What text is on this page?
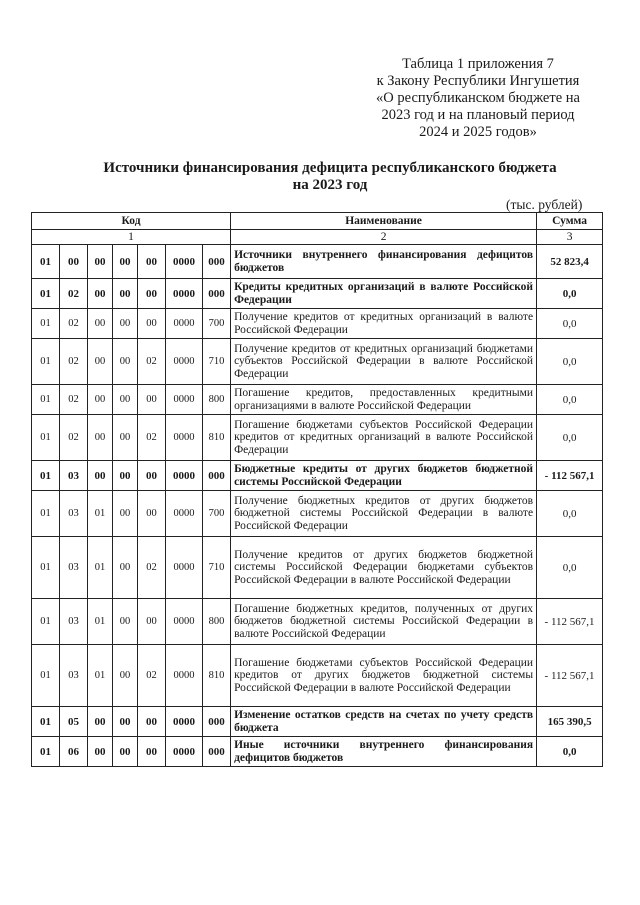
Таблица 1 приложения 7
к Закону Республики Ингушетия
«О республиканском бюджете на
2023 год и на плановый период
2024 и 2025 годов»
Источники финансирования дефицита республиканского бюджета
на 2023 год
(тыс. рублей)
Код							Наименование	Сумма
1							2	3
01	00	00	00	00	0000	000	Источники внутреннего финансирования дефицитов бюджетов	52 823,4
01	02	00	00	00	0000	000	Кредиты кредитных организаций в валюте Российской Федерации	0,0
01	02	00	00	00	0000	700	Получение кредитов от кредитных организаций в валюте Российской Федерации	0,0
01	02	00	00	02	0000	710	Получение кредитов от кредитных организаций бюджетами субъектов Российской Федерации в валюте Российской Федерации	0,0
01	02	00	00	00	0000	800	Погашение кредитов, предоставленных кредитными организациями в валюте Российской Федерации	0,0
01	02	00	00	02	0000	810	Погашение бюджетами субъектов Российской Федерации кредитов от кредитных организаций в валюте Российской Федерации	0,0
01	03	00	00	00	0000	000	Бюджетные кредиты от других бюджетов бюджетной системы Российской Федерации	- 112 567,1
01	03	01	00	00	0000	700	Получение бюджетных кредитов от других бюджетов бюджетной системы Российской Федерации в валюте Российской Федерации	0,0
01	03	01	00	02	0000	710	Получение кредитов от других бюджетов бюджетной системы Российской Федерации бюджетами субъектов Российской Федерации в валюте Российской Федерации	0,0
01	03	01	00	00	0000	800	Погашение бюджетных кредитов, полученных от других бюджетов бюджетной системы Российской Федерации в валюте Российской Федерации	- 112 567,1
01	03	01	00	02	0000	810	Погашение бюджетами субъектов Российской Федерации кредитов от других бюджетов бюджетной системы Российской Федерации в валюте Российской Федерации	- 112 567,1
01	05	00	00	00	0000	000	Изменение остатков средств на счетах по учету средств бюджета	165 390,5
01	06	00	00	00	0000	000	Иные источники внутреннего финансирования дефицитов бюджетов	0,0
